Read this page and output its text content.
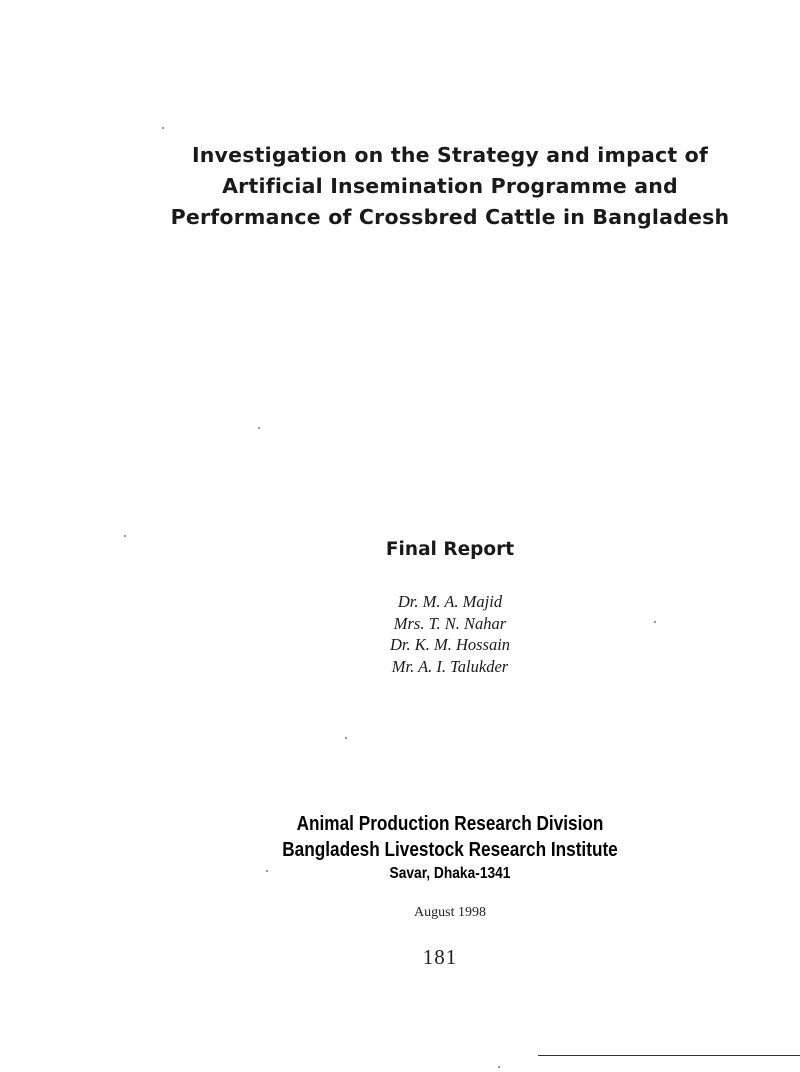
Investigation on the Strategy and impact of
Artificial Insemination Programme and
Performance of Crossbred Cattle in Bangladesh
Final Report
Dr. M. A. Majid
Mrs. T. N. Nahar
Dr. K. M. Hossain
Mr. A. I. Talukder
Animal Production Research Division
Bangladesh Livestock Research Institute
Savar, Dhaka-1341
August 1998
181
